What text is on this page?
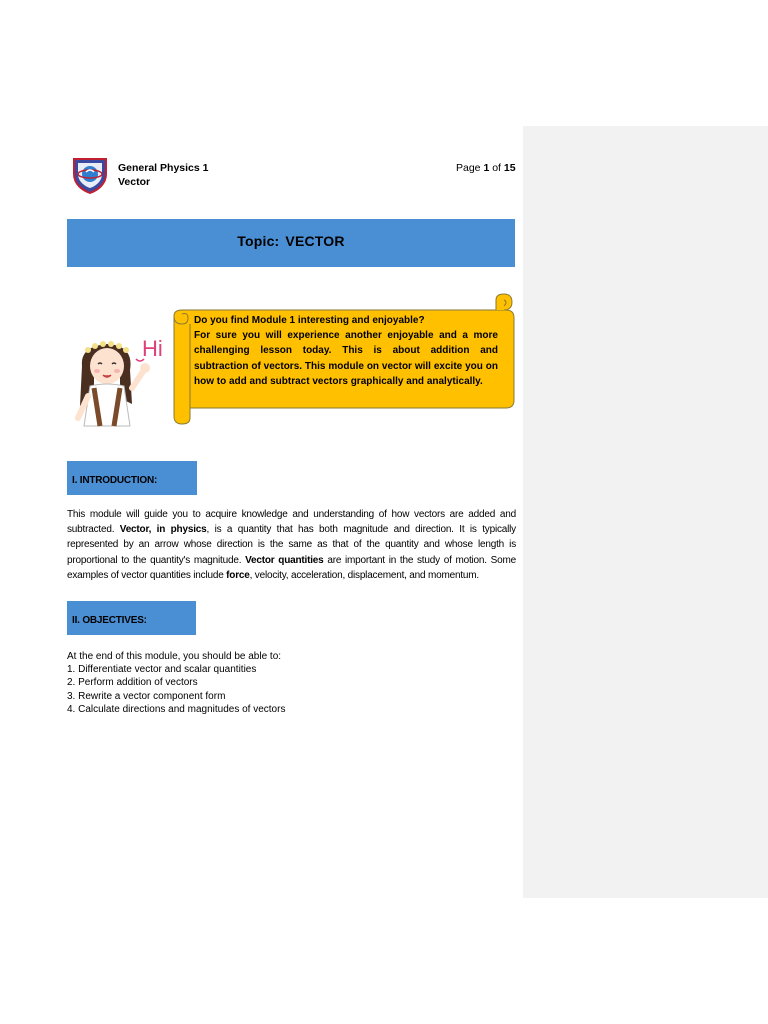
General Physics 1
Vector
Page 1 of 15
Topic: VECTOR
Hi

Do you find Module 1 interesting and enjoyable?

For sure you will experience another enjoyable and a more challenging lesson today. This is about addition and subtraction of vectors. This module on vector will excite you on how to add and subtract vectors graphically and analytically.

I. INTRODUCTION:
This module will guide you to acquire knowledge and understanding of how vectors are added and subtracted. Vector, in physics, is a quantity that has both magnitude and direction. It is typically represented by an arrow whose direction is the same as that of the quantity and whose length is proportional to the quantity's magnitude. Vector quantities are important in the study of motion. Some examples of vector quantities include force, velocity, acceleration, displacement, and momentum.
II. OBJECTIVES:
At the end of this module, you should be able to:
1. Differentiate vector and scalar quantities
2. Perform addition of vectors
3. Rewrite a vector component form
4. Calculate directions and magnitudes of vectors
